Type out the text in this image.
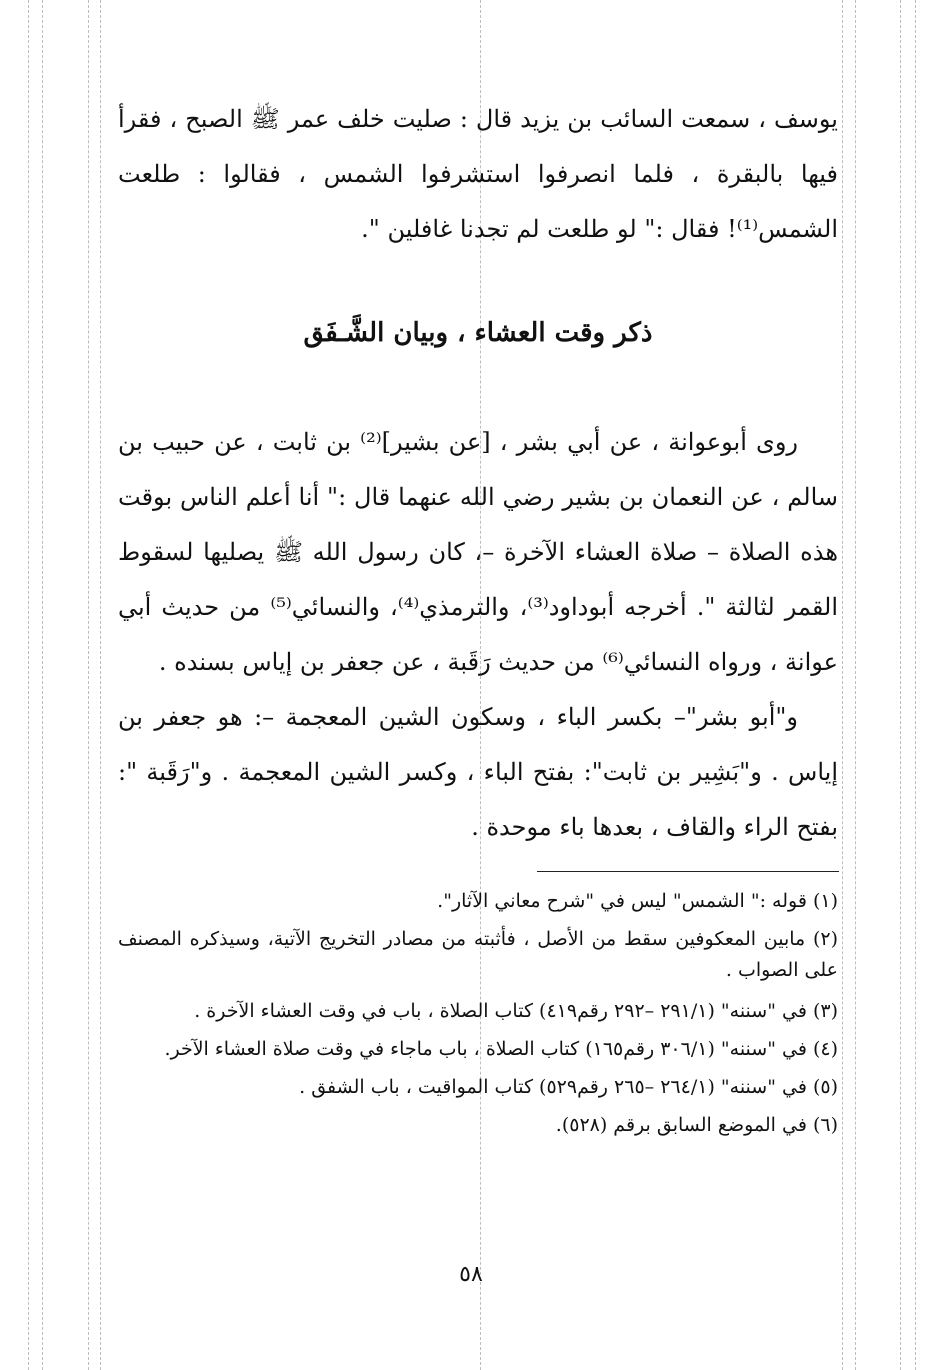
يوسف ، سمعت السائب بن يزيد قال : صليت خلف عمر ﷺ الصبح ، فقرأ فيها بالبقرة ، فلما انصرفوا استشرفوا الشمس ، فقالوا : طلعت الشمس⁽¹⁾! فقال :" لو طلعت لم تجدنا غافلين ".

ذكر وقت العشاء ، وبيان الشَّـفَق

روى أبوعوانة ، عن أبي بشر ، [عن بشير]⁽²⁾ بن ثابت ، عن حبيب بن سالم ، عن النعمان بن بشير رضي الله عنهما قال :" أنا أعلم الناس بوقت هذه الصلاة – صلاة العشاء الآخرة –، كان رسول الله ﷺ يصليها لسقوط القمر لثالثة ". أخرجه أبوداود⁽³⁾، والترمذي⁽⁴⁾، والنسائي⁽⁵⁾ من حديث أبي عوانة ، ورواه النسائي⁽⁶⁾ من حديث رَقَبة ، عن جعفر بن إياس بسنده .

و"أبو بشر"– بكسر الباء ، وسكون الشين المعجمة –: هو جعفر بن إياس . و"بَشِير بن ثابت": بفتح الباء ، وكسر الشين المعجمة . و"رَقَبة ": بفتح الراء والقاف ، بعدها باء موحدة .

(١) قوله :" الشمس" ليس في "شرح معاني الآثار".

(٢) مابين المعكوفين سقط من الأصل ، فأثبته من مصادر التخريج الآتية، وسيذكره المصنف على الصواب .

(٣) في "سننه" (٢٩١/١ –٢٩٢ رقم٤١٩) كتاب الصلاة ، باب في وقت العشاء الآخرة .

(٤) في "سننه" (٣٠٦/١ رقم١٦٥) كتاب الصلاة ، باب ماجاء في وقت صلاة العشاء الآخر.

(٥) في "سننه" (٢٦٤/١ –٢٦٥ رقم٥٢٩) كتاب المواقيت ، باب الشفق .

(٦) في الموضع السابق برقم (٥٢٨).

٥٨
